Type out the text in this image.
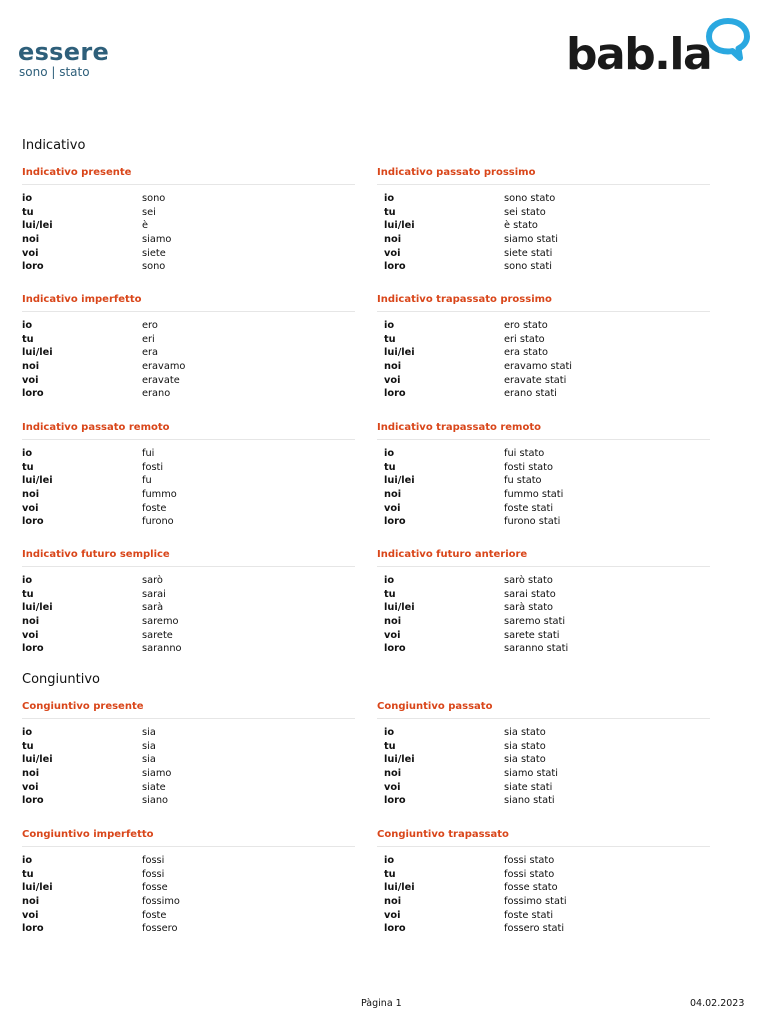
essere
sono | stato	bab.la
Indicativo
Indicativo presente
io	sono
tu	sei
lui/lei	è
noi	siamo
voi	siete
loro	sono
Indicativo passato prossimo
io	sono stato
tu	sei stato
lui/lei	è stato
noi	siamo stati
voi	siete stati
loro	sono stati
Indicativo imperfetto
io	ero
tu	eri
lui/lei	era
noi	eravamo
voi	eravate
loro	erano
Indicativo trapassato prossimo
io	ero stato
tu	eri stato
lui/lei	era stato
noi	eravamo stati
voi	eravate stati
loro	erano stati
Indicativo passato remoto
io	fui
tu	fosti
lui/lei	fu
noi	fummo
voi	foste
loro	furono
Indicativo trapassato remoto
io	fui stato
tu	fosti stato
lui/lei	fu stato
noi	fummo stati
voi	foste stati
loro	furono stati
Indicativo futuro semplice
io	sarò
tu	sarai
lui/lei	sarà
noi	saremo
voi	sarete
loro	saranno
Indicativo futuro anteriore
io	sarò stato
tu	sarai stato
lui/lei	sarà stato
noi	saremo stati
voi	sarete stati
loro	saranno stati
Congiuntivo
Congiuntivo presente
io	sia
tu	sia
lui/lei	sia
noi	siamo
voi	siate
loro	siano
Congiuntivo passato
io	sia stato
tu	sia stato
lui/lei	sia stato
noi	siamo stati
voi	siate stati
loro	siano stati
Congiuntivo imperfetto
io	fossi
tu	fossi
lui/lei	fosse
noi	fossimo
voi	foste
loro	fossero
Congiuntivo trapassato
io	fossi stato
tu	fossi stato
lui/lei	fosse stato
noi	fossimo stati
voi	foste stati
loro	fossero stati
Pàgina 1	04.02.2023
